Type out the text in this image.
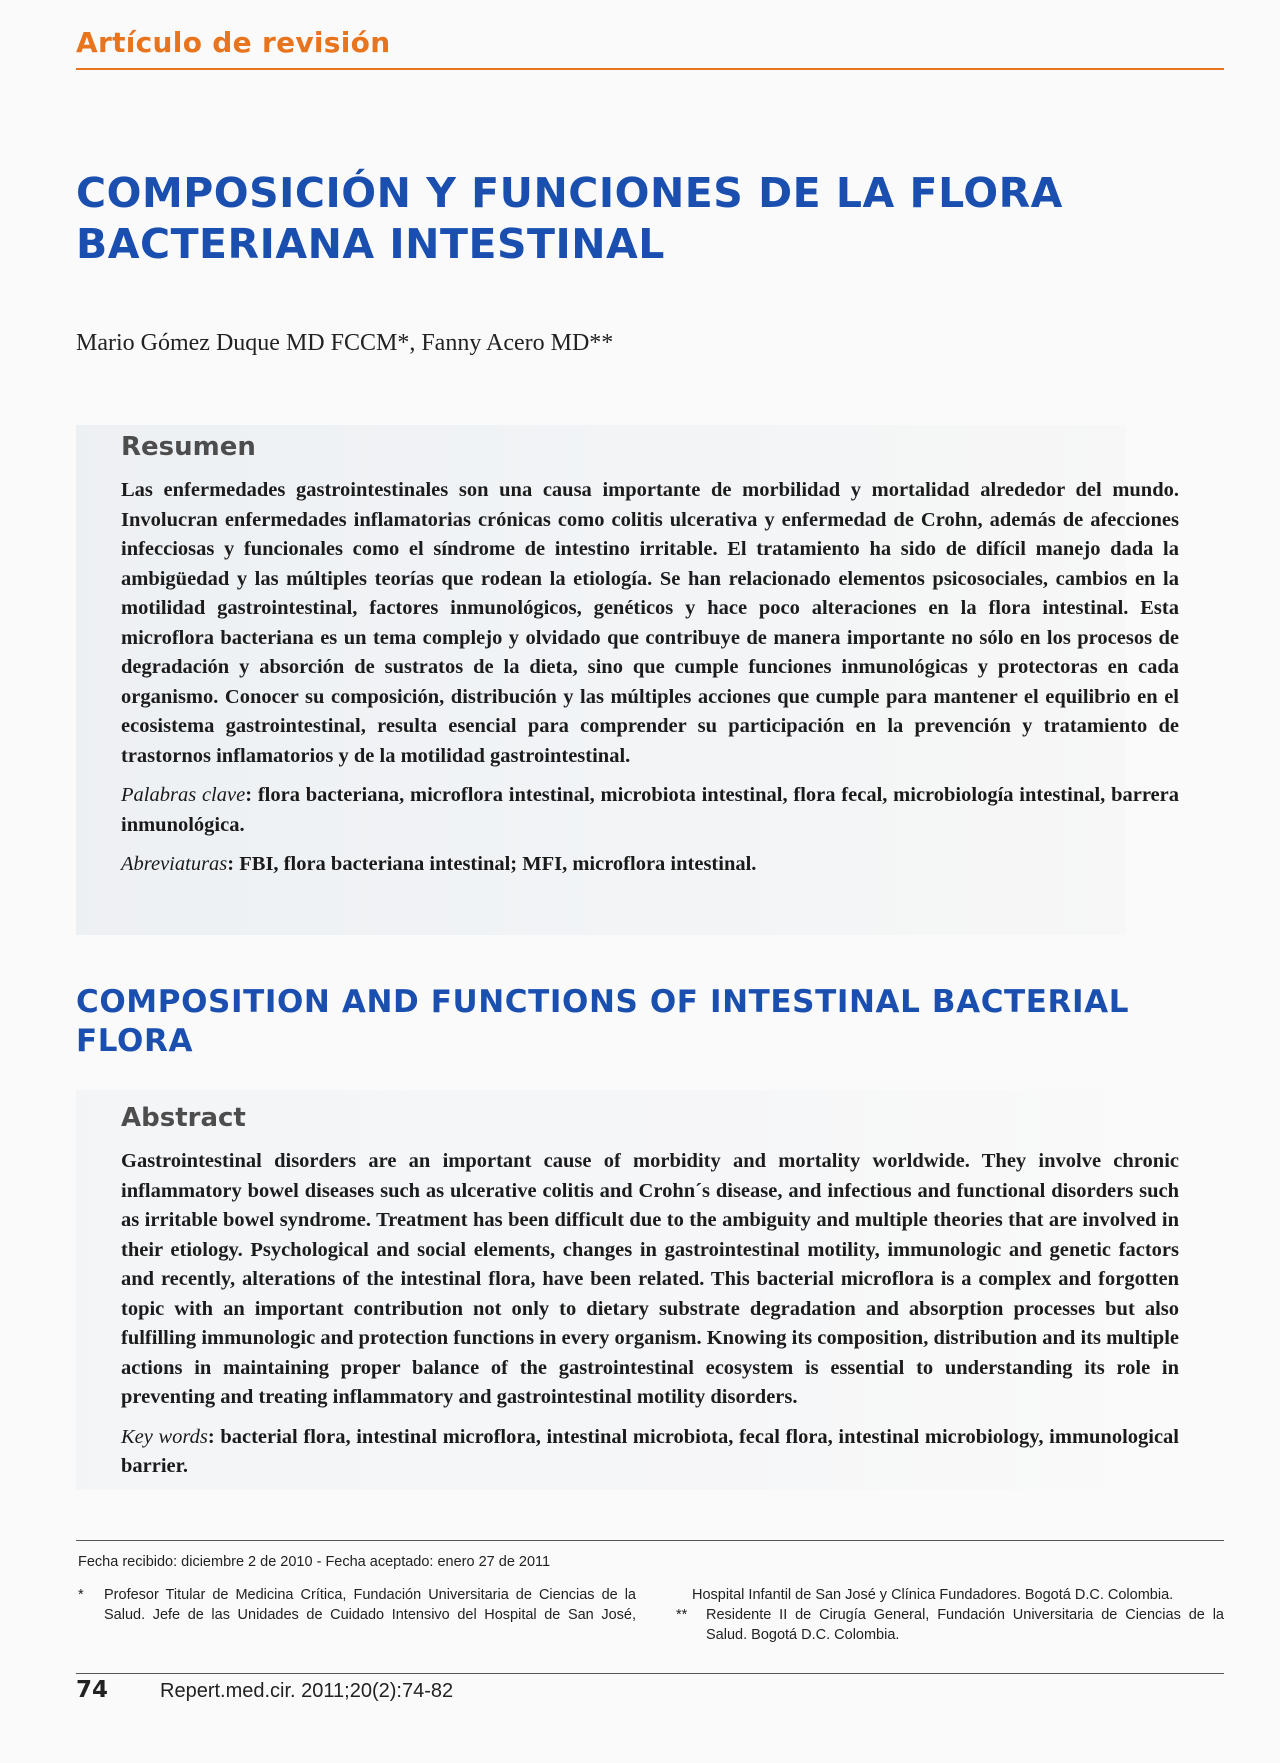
Artículo de revisión
COMPOSICIÓN Y FUNCIONES DE LA FLORA BACTERIANA INTESTINAL
Mario Gómez Duque MD FCCM*, Fanny Acero MD**
Resumen

Las enfermedades gastrointestinales son una causa importante de morbilidad y mortalidad alrededor del mundo. Involucran enfermedades inflamatorias crónicas como colitis ulcerativa y enfermedad de Crohn, además de afecciones infecciosas y funcionales como el síndrome de intestino irritable. El tratamiento ha sido de difícil manejo dada la ambigüedad y las múltiples teorías que rodean la etiología. Se han relacionado elementos psicosociales, cambios en la motilidad gastrointestinal, factores inmunológicos, genéticos y hace poco alteraciones en la flora intestinal. Esta microflora bacteriana es un tema complejo y olvidado que contribuye de manera importante no sólo en los procesos de degradación y absorción de sustratos de la dieta, sino que cumple funciones inmunológicas y protectoras en cada organismo. Conocer su composición, distribución y las múltiples acciones que cumple para mantener el equilibrio en el ecosistema gastrointestinal, resulta esencial para comprender su participación en la prevención y tratamiento de trastornos inflamatorios y de la motilidad gastrointestinal.

Palabras clave: flora bacteriana, microflora intestinal, microbiota intestinal, flora fecal, microbiología intestinal, barrera inmunológica.

Abreviaturas: FBI, flora bacteriana intestinal; MFI, microflora intestinal.

COMPOSITION AND FUNCTIONS OF INTESTINAL BACTERIAL FLORA
Abstract

Gastrointestinal disorders are an important cause of morbidity and mortality worldwide. They involve chronic inflammatory bowel diseases such as ulcerative colitis and Crohn´s disease, and infectious and functional disorders such as irritable bowel syndrome. Treatment has been difficult due to the ambiguity and multiple theories that are involved in their etiology. Psychological and social elements, changes in gastrointestinal motility, immunologic and genetic factors and recently, alterations of the intestinal flora, have been related. This bacterial microflora is a complex and forgotten topic with an important contribution not only to dietary substrate degradation and absorption processes but also fulfilling immunologic and protection functions in every organism. Knowing its composition, distribution and its multiple actions in maintaining proper balance of the gastrointestinal ecosystem is essential to understanding its role in preventing and treating inflammatory and gastrointestinal motility disorders.

Key words: bacterial flora, intestinal microflora, intestinal microbiota, fecal flora, intestinal microbiology, immunological barrier.

Fecha recibido: diciembre 2 de 2010 - Fecha aceptado: enero 27 de 2011
* Profesor Titular de Medicina Crítica, Fundación Universitaria de Ciencias de la Salud. Jefe de las Unidades de Cuidado Intensivo del Hospital de San José, Hospital Infantil de San José y Clínica Fundadores. Bogotá D.C. Colombia.
** Residente II de Cirugía General, Fundación Universitaria de Ciencias de la Salud. Bogotá D.C. Colombia.
74	Repert.med.cir. 2011;20(2):74-82
